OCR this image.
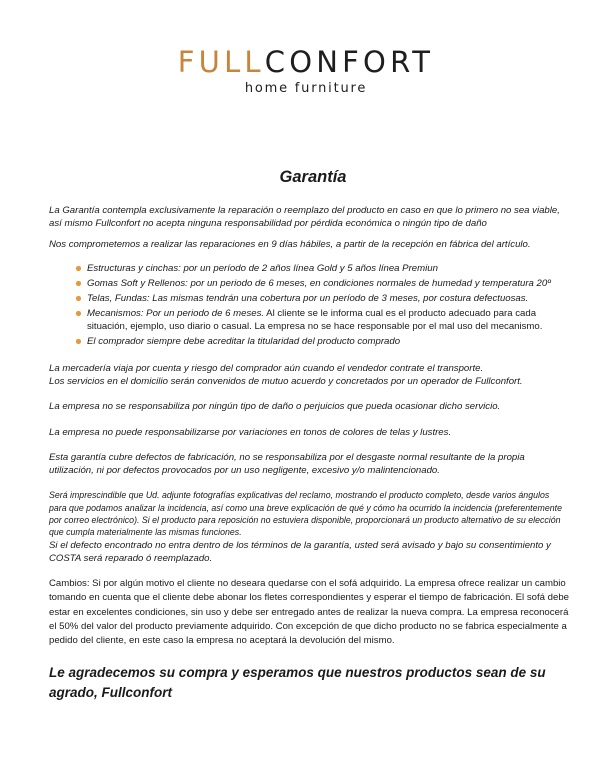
FULLCONFORT
home furniture
Garantía

La Garantía contempla exclusivamente la reparación o reemplazo del producto en caso en que lo primero no sea viable, así mismo Fullconfort no acepta ninguna responsabilidad por pérdida económica o ningún tipo de daño

Nos comprometemos a realizar las reparaciones en 9 días hábiles, a partir de la recepción en fábrica del artículo.

Estructuras y cinchas: por un período de 2 años línea Gold y 5 años línea Premiun
Gomas Soft y Rellenos: por un periodo de 6 meses, en condiciones normales de humedad y temperatura 20º
Telas, Fundas: Las mismas tendrán una cobertura por un período de 3 meses, por costura defectuosas.
Mecanismos: Por un periodo de 6 meses. Al cliente se le informa cual es el producto adecuado para cada situación, ejemplo, uso diario o casual. La empresa no se hace responsable por el mal uso del mecanismo.
El comprador siempre debe acreditar la titularidad del producto comprado

La mercadería viaja por cuenta y riesgo del comprador aún cuando el vendedor contrate el transporte.

Los servicios en el domicilio serán convenidos de mutuo acuerdo y concretados por un operador de Fullconfort.

La empresa no se responsabiliza por ningún tipo de daño o perjuicios que pueda ocasionar dicho servicio.

La empresa no puede responsabilizarse por variaciones en tonos de colores de telas y lustres.

Esta garantía cubre defectos de fabricación, no se responsabiliza por el desgaste normal resultante de la propia utilización, ni por defectos provocados por un uso negligente, excesivo y/o malintencionado.

Será imprescindible que Ud. adjunte fotografías explicativas del reclamo, mostrando el producto completo, desde varios ángulos para que podamos analizar la incidencia, así como una breve explicación de qué y cómo ha ocurrido la incidencia (preferentemente por correo electrónico). Si el producto para reposición no estuviera disponible, proporcionará un producto alternativo de su elección que cumpla materialmente las mismas funciones.

Si el defecto encontrado no entra dentro de los términos de la garantía, usted será avisado y bajo su consentimiento y COSTA será reparado ó reemplazado.

Cambios: Si por algún motivo el cliente no deseara quedarse con el sofá adquirido. La empresa ofrece realizar un cambio tomando en cuenta que el cliente debe abonar los fletes correspondientes y esperar el tiempo de fabricación. El sofá debe estar en excelentes condiciones, sin uso y debe ser entregado antes de realizar la nueva compra. La empresa reconocerá el 50% del valor del producto previamente adquirido. Con excepción de que dicho producto no se fabrica especialmente a pedido del cliente, en este caso la empresa no aceptará la devolución del mismo.

Le agradecemos su compra y esperamos que nuestros productos sean de su agrado, Fullconfort
